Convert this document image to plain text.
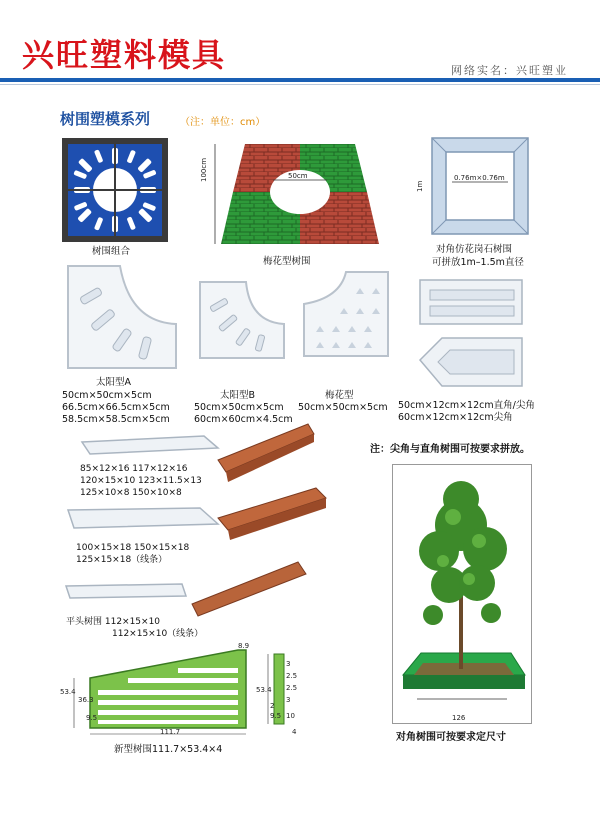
兴旺塑料模具	网络实名：兴旺塑业
树围塑模系列	（注：单位：cm）
树围组合
100cm	50cm
梅花型树围
1m
0.76m×0.76m
对角仿花岗石树围
可拼放1m–1.5m直径
太阳型A
50cm×50cm×5cm
66.5cm×66.5cm×5cm
58.5cm×58.5cm×5cm
太阳型B
50cm×50cm×5cm
60cm×60cm×4.5cm
梅花型
50cm×50cm×5cm 50cm×12cm×12cm直角/尖角
60cm×12cm×12cm尖角
注：尖角与直角树围可按要求拼放。
85×12×16 117×12×16
120×15×10 123×11.5×13
125×10×8 150×10×8
100×15×18 150×15×18
125×15×18（线条）
平头树围 112×15×10
112×15×10（线条）
8.9
53.4
36.3
9.5
111.7
53.4
2.5
2.5
3
2
9.5 10
4
3
新型树围111.7×53.4×4
126
对角树围可按要求定尺寸
